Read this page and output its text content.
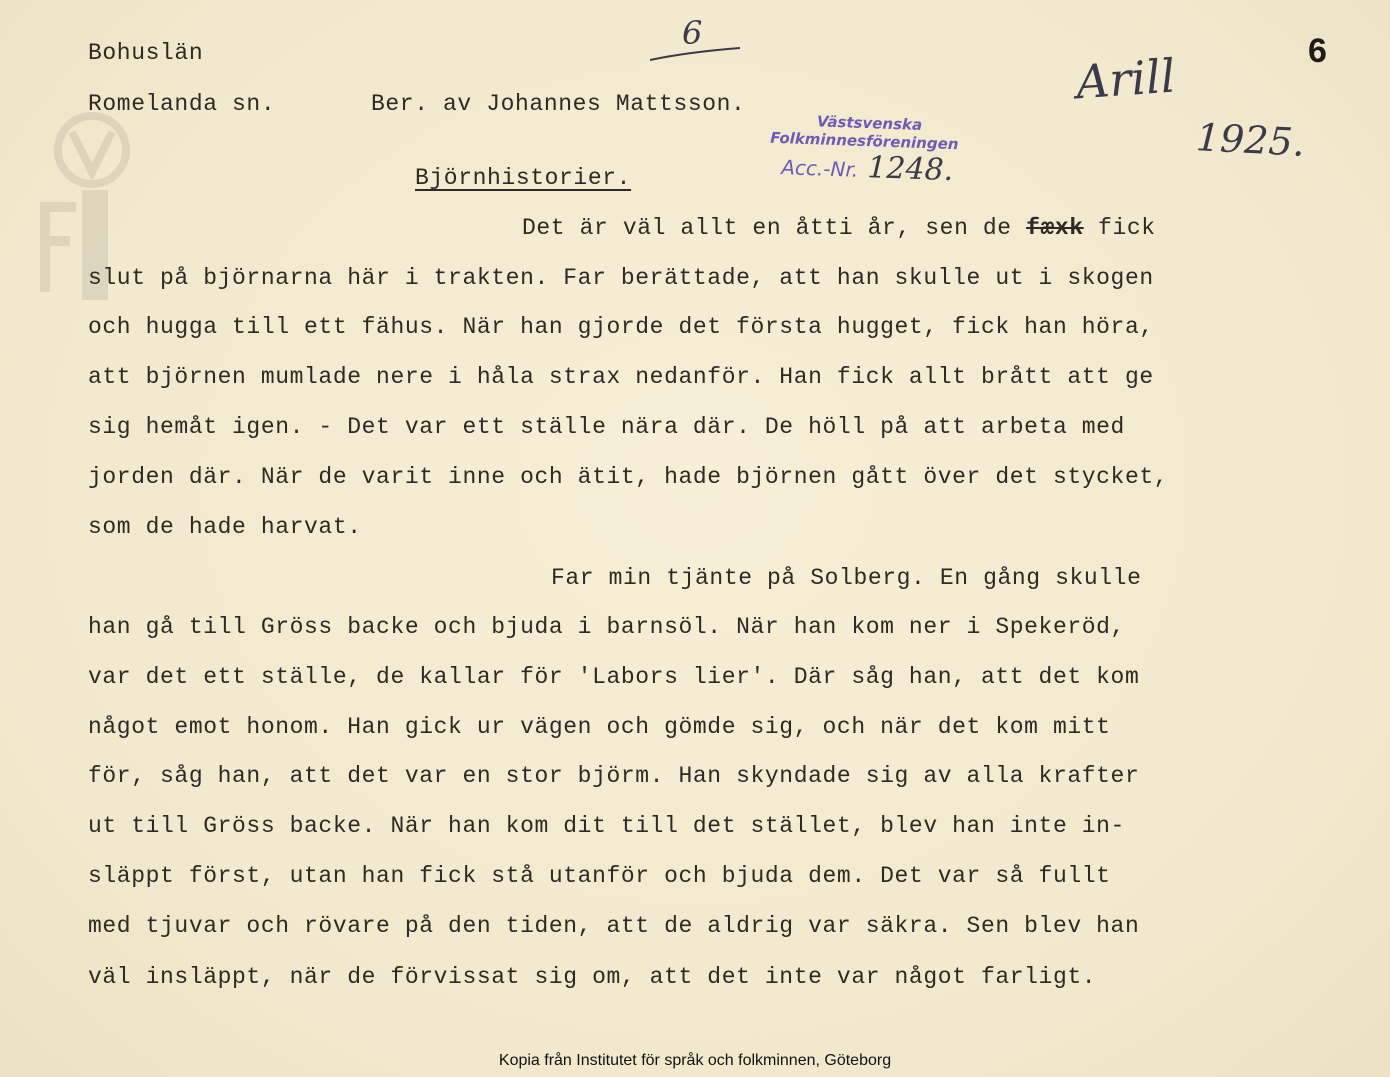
Bohuslän
Romelanda sn.	Ber. av Johannes Mattsson.
6	6
Arill
1925.
Västsvenska
Folkminnesföreningen
Acc.-Nr. 1248.
Björnhistorier.
Det är väl allt en åtti år, sen de fæxk fick
slut på björnarna här i trakten. Far berättade, att han skulle ut i skogen
och hugga till ett fähus. När han gjorde det första hugget, fick han höra,
att björnen mumlade nere i håla strax nedanför. Han fick allt brått att ge
sig hemåt igen. - Det var ett ställe nära där. De höll på att arbeta med
jorden där. När de varit inne och ätit, hade björnen gått över det stycket,
som de hade harvat.
Far min tjänte på Solberg. En gång skulle
han gå till Gröss backe och bjuda i barnsöl. När han kom ner i Spekeröd,
var det ett ställe, de kallar för 'Labors lier'. Där såg han, att det kom
något emot honom. Han gick ur vägen och gömde sig, och när det kom mitt
för, såg han, att det var en stor björm. Han skyndade sig av alla krafter
ut till Gröss backe. När han kom dit till det stället, blev han inte in-
släppt först, utan han fick stå utanför och bjuda dem. Det var så fullt
med tjuvar och rövare på den tiden, att de aldrig var säkra. Sen blev han
väl insläppt, när de förvissat sig om, att det inte var något farligt.
Kopia från Institutet för språk och folkminnen, Göteborg
